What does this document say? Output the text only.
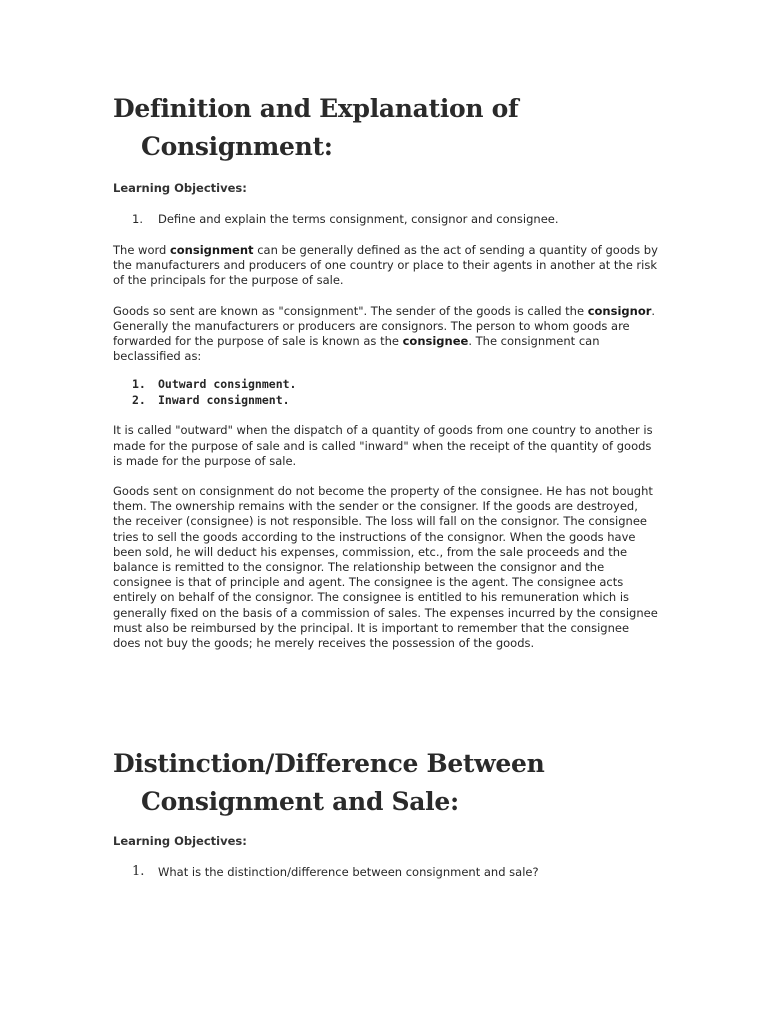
Definition and Explanation of Consignment:
Learning Objectives:
1. Define and explain the terms consignment, consignor and consignee.

The word consignment can be generally defined as the act of sending a quantity of goods by the manufacturers and producers of one country or place to their agents in another at the risk of the principals for the purpose of sale.

Goods so sent are known as "consignment". The sender of the goods is called the consignor. Generally the manufacturers or producers are consignors. The person to whom goods are forwarded for the purpose of sale is known as the consignee. The consignment can beclassified as:

1. Outward consignment.
2. Inward consignment.

It is called "outward" when the dispatch of a quantity of goods from one country to another is made for the purpose of sale and is called "inward" when the receipt of the quantity of goods is made for the purpose of sale.

Goods sent on consignment do not become the property of the consignee. He has not bought them. The ownership remains with the sender or the consigner. If the goods are destroyed, the receiver (consignee) is not responsible. The loss will fall on the consignor. The consignee tries to sell the goods according to the instructions of the consignor. When the goods have been sold, he will deduct his expenses, commission, etc., from the sale proceeds and the balance is remitted to the consignor. The relationship between the consignor and the consignee is that of principle and agent. The consignee is the agent. The consignee acts entirely on behalf of the consignor. The consignee is entitled to his remuneration which is generally fixed on the basis of a commission of sales. The expenses incurred by the consignee must also be reimbursed by the principal. It is important to remember that the consignee does not buy the goods; he merely receives the possession of the goods.

Distinction/Difference Between Consignment and Sale:
Learning Objectives:
1. What is the distinction/difference between consignment and sale?
